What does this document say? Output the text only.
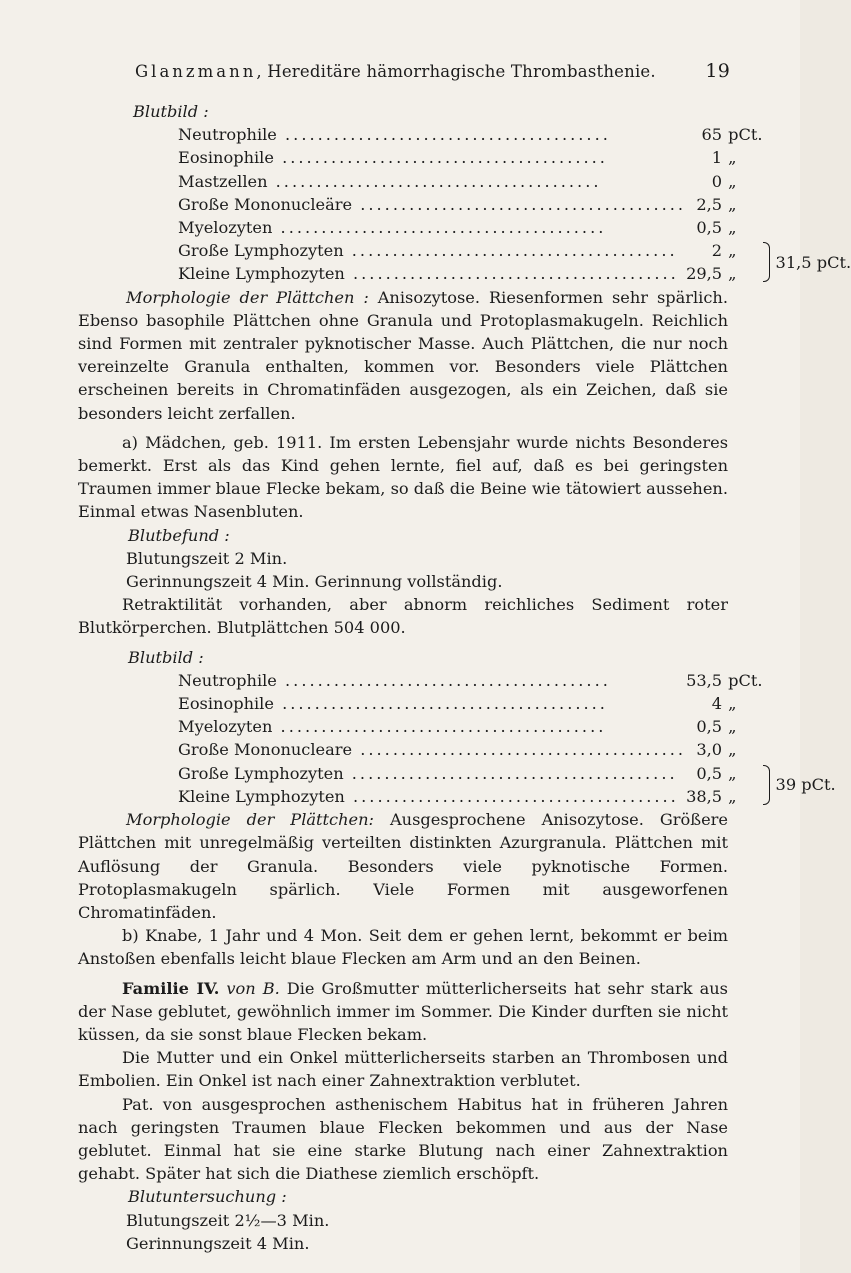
Glanzmann, Hereditäre hämorrhagische Thrombasthenie.	19
Blutbild :
Neutrophile ........................................	65	pCt.	
Eosinophile ........................................	1	„	
Mastzellen ........................................	0	„	
Große Mononucleäre ........................................	2,5	„	
Myelozyten ........................................	0,5	„	
Große Lymphozyten ........................................	2	„	31,5 pCt.

Kleine Lymphozyten ........................................	29,5	„	

Morphologie der Plättchen : Anisozytose. Riesenformen sehr spärlich. Ebenso basophile Plättchen ohne Granula und Protoplasmakugeln. Reichlich sind Formen mit zentraler pyknotischer Masse. Auch Plättchen, die nur noch vereinzelte Granula enthalten, kommen vor. Besonders viele Plättchen erscheinen bereits in Chromatinfäden ausgezogen, als ein Zeichen, daß sie besonders leicht zerfallen.

a) Mädchen, geb. 1911. Im ersten Lebensjahr wurde nichts Besonderes bemerkt. Erst als das Kind gehen lernte, fiel auf, daß es bei geringsten Traumen immer blaue Flecke bekam, so daß die Beine wie tätowiert aussehen. Einmal etwas Nasenbluten.

Blutbefund :
Blutungszeit 2 Min.
Gerinnungszeit 4 Min. Gerinnung vollständig.

Retraktilität vorhanden, aber abnorm reichliches Sediment roter Blutkörperchen. Blutplättchen 504 000.

Blutbild :
Neutrophile ........................................	53,5	pCt.	
Eosinophile ........................................	4	„	
Myelozyten ........................................	0,5	„	
Große Mononucleare ........................................	3,0	„	
Große Lymphozyten ........................................	0,5	„	39 pCt.

Kleine Lymphozyten ........................................	38,5	„	

Morphologie der Plättchen: Ausgesprochene Anisozytose. Größere Plättchen mit unregelmäßig verteilten distinkten Azurgranula. Plättchen mit Auflösung der Granula. Besonders viele pyknotische Formen. Protoplasmakugeln spärlich. Viele Formen mit ausgeworfenen Chromatinfäden.

b) Knabe, 1 Jahr und 4 Mon. Seit dem er gehen lernt, bekommt er beim Anstoßen ebenfalls leicht blaue Flecken am Arm und an den Beinen.

Familie IV. von B. Die Großmutter mütterlicherseits hat sehr stark aus der Nase geblutet, gewöhnlich immer im Sommer. Die Kinder durften sie nicht küssen, da sie sonst blaue Flecken bekam.

Die Mutter und ein Onkel mütterlicherseits starben an Thrombosen und Embolien. Ein Onkel ist nach einer Zahnextraktion verblutet.

Pat. von ausgesprochen asthenischem Habitus hat in früheren Jahren nach geringsten Traumen blaue Flecken bekommen und aus der Nase geblutet. Einmal hat sie eine starke Blutung nach einer Zahnextraktion gehabt. Später hat sich die Diathese ziemlich erschöpft.

Blutuntersuchung :
Blutungszeit 2½—3 Min.
Gerinnungszeit 4 Min.
